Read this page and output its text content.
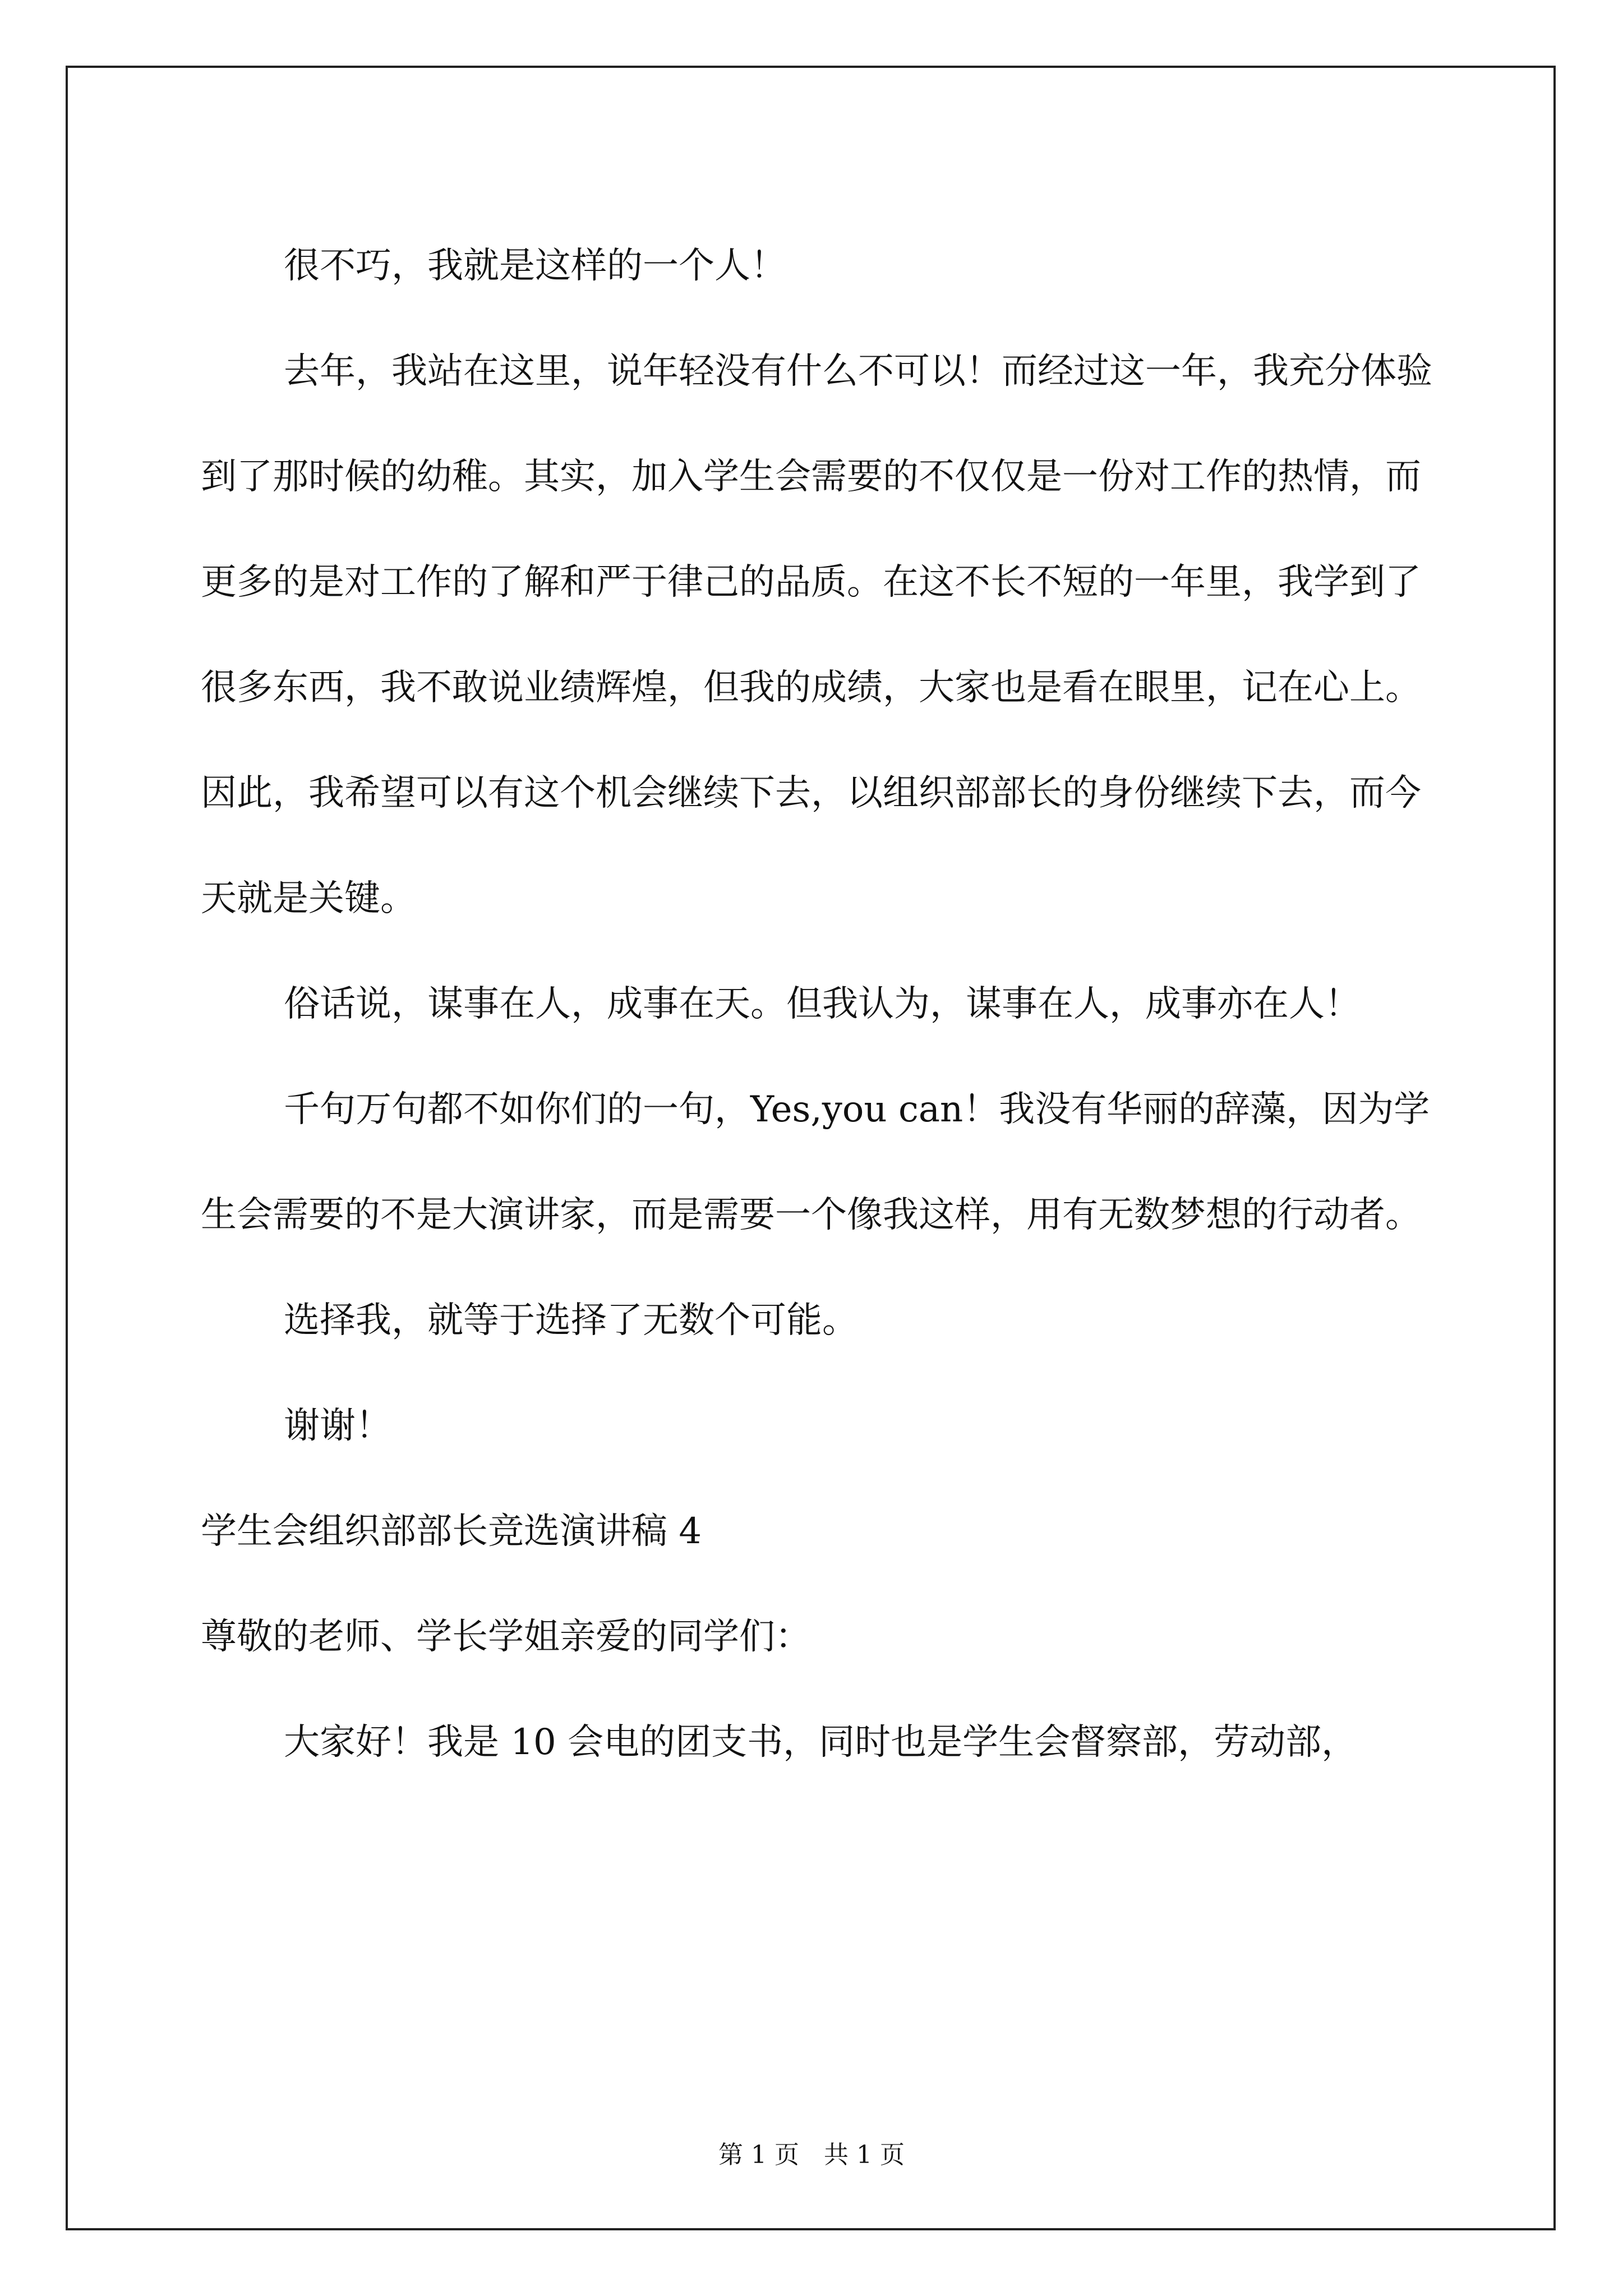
很不巧，我就是这样的一个人！

去年，我站在这里，说年轻没有什么不可以！而经过这一年，我充分体验到了那时候的幼稚。其实，加入学生会需要的不仅仅是一份对工作的热情，而更多的是对工作的了解和严于律己的品质。在这不长不短的一年里，我学到了很多东西，我不敢说业绩辉煌，但我的成绩，大家也是看在眼里，记在心上。因此，我希望可以有这个机会继续下去，以组织部部长的身份继续下去，而今天就是关键。

俗话说，谋事在人，成事在天。但我认为，谋事在人，成事亦在人！

千句万句都不如你们的一句，Yes,you can！我没有华丽的辞藻，因为学生会需要的不是大演讲家，而是需要一个像我这样，用有无数梦想的行动者。

选择我，就等于选择了无数个可能。

谢谢！

学生会组织部部长竞选演讲稿 4

尊敬的老师、学长学姐亲爱的同学们：

大家好！我是 10 会电的团支书，同时也是学生会督察部，劳动部，

第 1 页　共 1 页
